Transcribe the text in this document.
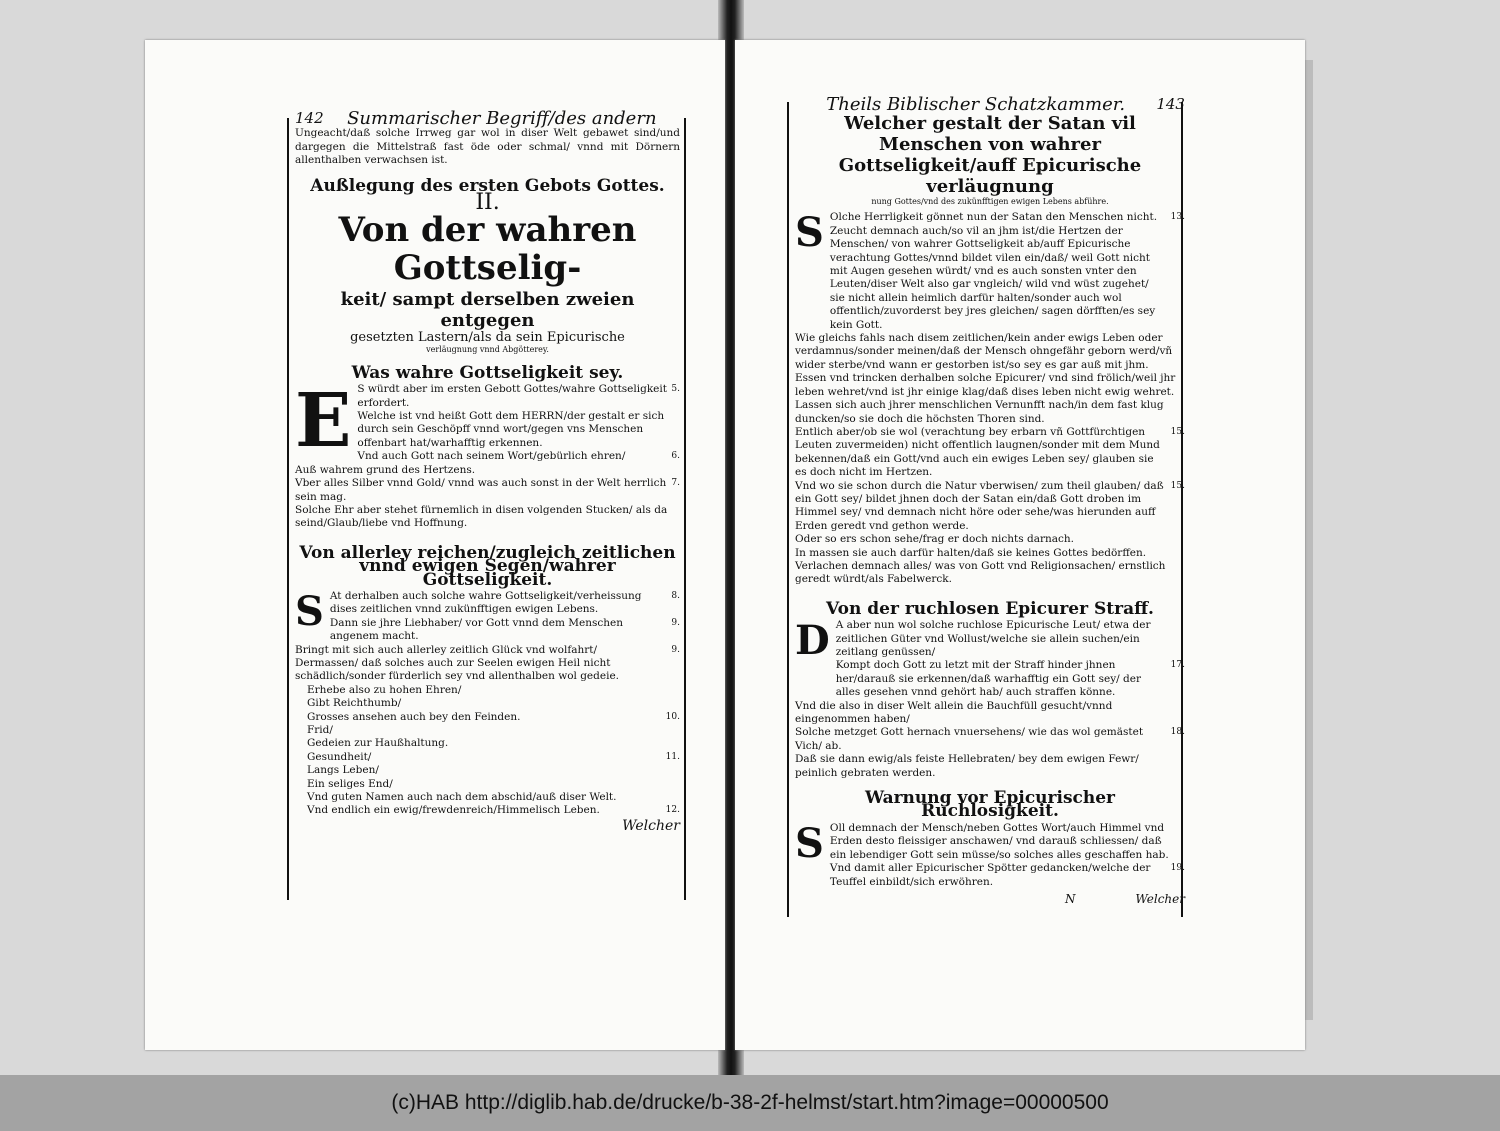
142 Summarischer Begriff/des andern

Ungeacht/daß solche Irrweg gar wol in diser Welt gebawet sind/und dargegen die Mittelstraß fast öde oder schmal/ vnnd mit Dörnern allenthalben verwachsen ist.

Außlegung des ersten Gebots Gottes.
II.
Von der wahren Gottselig-
keit/ sampt derselben zweien entgegen
gesetzten Lastern/als da sein Epicurische
verläugnung vnnd Abgötterey.
Was wahre Gottseligkeit sey.
E S würdt aber im ersten Gebott Gottes/wahre Gottseligkeit erfordert.
5.
Welche ist vnd heißt Gott dem HERRN/der gestalt er sich durch sein Geschöpff vnnd wort/gegen vns Menschen offenbart hat/warhafftig erkennen.
Vnd auch Gott nach seinem Wort/gebürlich ehren/	6.
Auß wahrem grund des Hertzens.
Vber alles Silber vnnd Gold/ vnnd was auch sonst in der Welt herrlich sein mag.
7.
Solche Ehr aber stehet fürnemlich in disen volgenden Stucken/ als da seind/Glaub/liebe vnd Hoffnung.
Von allerley reichen/zugleich zeitlichen vnnd ewigen Segen/wahrer Gottseligkeit.
S At derhalben auch solche wahre Gottseligkeit/verheissung dises zeitlichen vnnd zukünfftigen ewigen Lebens.
8.
Dann sie jhre Liebhaber/ vor Gott vnnd dem Menschen angenem macht.
9.
Bringt mit sich auch allerley zeitlich Glück vnd wolfahrt/	9.
Dermassen/ daß solches auch zur Seelen ewigen Heil nicht schädlich/sonder fürderlich sey vnd allenthalben wol gedeie.
Erhebe also zu hohen Ehren/
Gibt Reichthumb/
Grosses ansehen auch bey den Feinden.	10.
Frid/
Gedeien zur Haußhaltung.
Gesundheit/	11.
Langs Leben/
Ein seliges End/
Vnd guten Namen auch nach dem abschid/auß diser Welt.
Vnd endlich ein ewig/frewdenreich/Himmelisch Leben.	12.
Welcher
Theils Biblischer Schatzkammer. 143
Welcher gestalt der Satan vil Menschen von wahrer Gottseligkeit/auff Epicurische verläugnung
nung Gottes/vnd des zukünfftigen ewigen Lebens abführe.
S Olche Herrligkeit gönnet nun der Satan den Menschen nicht. Zeucht demnach auch/so vil an jhm ist/die Hertzen der Menschen/ von wahrer Gottseligkeit ab/auff Epicurische verachtung Gottes/vnnd bildet vilen ein/daß/ weil Gott nicht mit Augen gesehen würdt/ vnd es auch sonsten vnter den Leuten/diser Welt also gar vngleich/ wild vnd wüst zugehet/ sie nicht allein heimlich darfür halten/sonder auch wol offentlich/zuvorderst bey jres gleichen/ sagen dörfften/es sey kein Gott.
13.
Wie gleichs fahls nach disem zeitlichen/kein ander ewigs Leben oder verdamnus/sonder meinen/daß der Mensch ohngefähr geborn werd/vñ wider sterbe/vnd wann er gestorben ist/so sey es gar auß mit jhm.
Essen vnd trincken derhalben solche Epicurer/ vnd sind frölich/weil jhr leben wehret/vnd ist jhr einige klag/daß dises leben nicht ewig wehret.
Lassen sich auch jhrer menschlichen Vernunfft nach/in dem fast klug duncken/so sie doch die höchsten Thoren sind.
Entlich aber/ob sie wol (verachtung bey erbarn vñ Gottfürchtigen Leuten zuvermeiden) nicht offentlich laugnen/sonder mit dem Mund bekennen/daß ein Gott/vnd auch ein ewiges Leben sey/ glauben sie es doch nicht im Hertzen.
15.
Vnd wo sie schon durch die Natur vberwisen/ zum theil glauben/ daß ein Gott sey/ bildet jhnen doch der Satan ein/daß Gott droben im Himmel sey/ vnd demnach nicht höre oder sehe/was hierunden auff Erden geredt vnd gethon werde.
15.
Oder so ers schon sehe/frag er doch nichts darnach.
In massen sie auch darfür halten/daß sie keines Gottes bedörffen.
Verlachen demnach alles/ was von Gott vnd Religionsachen/ ernstlich geredt würdt/als Fabelwerck.
Von der ruchlosen Epicurer Straff.
D A aber nun wol solche ruchlose Epicurische Leut/ etwa der zeitlichen Güter vnd Wollust/welche sie allein suchen/ein zeitlang genüssen/
Kompt doch Gott zu letzt mit der Straff hinder jhnen her/darauß sie erkennen/daß warhafftig ein Gott sey/ der alles gesehen vnnd gehört hab/ auch straffen könne.
17.
Vnd die also in diser Welt allein die Bauchfüll gesucht/vnnd eingenommen haben/
Solche metzget Gott hernach vnuersehens/ wie das wol gemästet Vich/ ab.
18.
Daß sie dann ewig/als feiste Hellebraten/ bey dem ewigen Fewr/ peinlich gebraten werden.
Warnung vor Epicurischer Ruchlosigkeit.
S Oll demnach der Mensch/neben Gottes Wort/auch Himmel vnd Erden desto fleissiger anschawen/ vnd darauß schliessen/ daß ein lebendiger Gott sein müsse/so solches alles geschaffen hab.
Vnd damit aller Epicurischer Spötter gedancken/welche der Teuffel einbildt/sich erwöhren.
19.
N	Welcher
(c)HAB http://diglib.hab.de/drucke/b-38-2f-helmst/start.htm?image=00000500
